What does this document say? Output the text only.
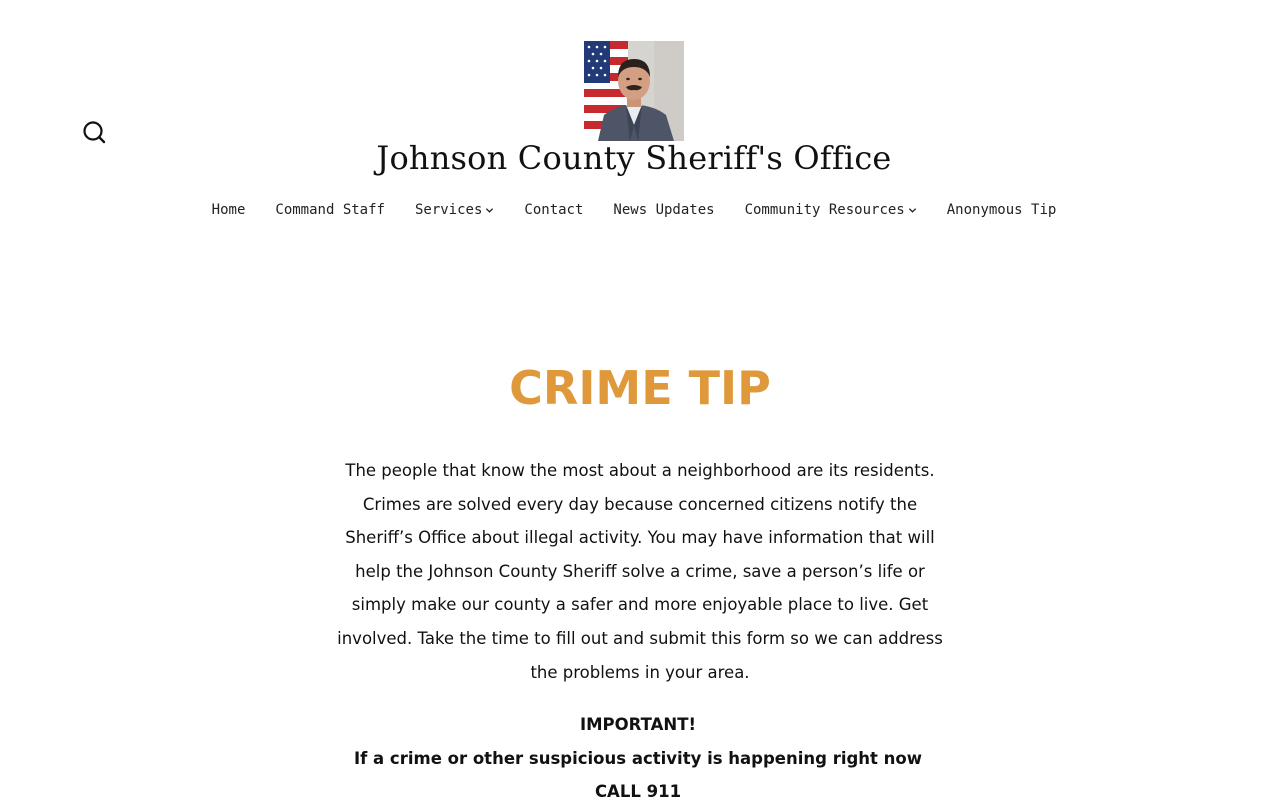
Johnson County Sheriff's Office
Home Command Staff Services	Contact News Updates Community Resources	Anonymous Tip
CRIME TIP

The people that know the most about a neighborhood are its residents. Crimes are solved every day because concerned citizens notify the Sheriff’s Office about illegal activity. You may have information that will help the Johnson County Sheriff solve a crime, save a person’s life or simply make our county a safer and more enjoyable place to live. Get involved. Take the time to fill out and submit this form so we can address the problems in your area.

IMPORTANT!
If a crime or other suspicious activity is happening right now
CALL 911
